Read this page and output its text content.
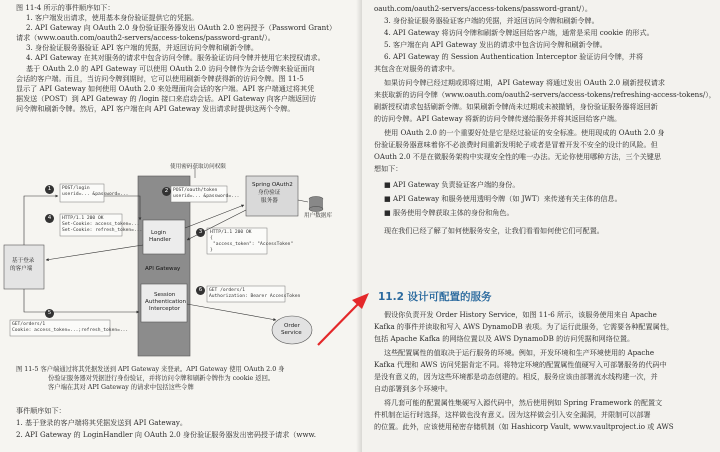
图 11-4 所示的事件顺序如下：
1. 客户端发出请求，使用基本身份验证提供它的凭据。
2. API Gateway 向 OAuth 2.0 身份验证服务器发出 OAuth 2.0 密码授予（Password Grant）
请求（www.oauth.com/oauth2-servers/access-tokens/password-grant/）。
3. 身份验证服务器验证 API 客户端的凭据，并返回访问令牌和刷新令牌。
4. API Gateway 在其对服务的请求中包含访问令牌。服务验证访问令牌并使用它来授权请求。
基于 OAuth 2.0 的 API Gateway 可以使用 OAuth 2.0 访问令牌作为会话令牌来验证面向
会话的客户端。而且，当访问令牌到期时，它可以使用刷新令牌获得新的访问令牌。图 11-5
显示了 API Gateway 如何使用 OAuth 2.0 来处理面向会话的客户端。API 客户端通过将其凭
据发送（POST）到 API Gateway 的 /login 接口来启动会话。API Gateway 向客户端返回访
问令牌和刷新令牌。然后，API 客户端在向 API Gateway 发出请求时提供这两个令牌。
使用密码获取访问权限
POST/login
userid=... &password=...
POST/oauth/token
userid=... &password=...
HTTP/1.1 200 OK
Set-Cookie: access_token=...
Set-Cookie: refresh_token=...	HTTP/1.1 200 OK
{
"access_token": "AccessToken"
}
GET/orders/1
Cookie: access_token=...;refresh_token=...
GET /orders/1
Authorization: Bearer AccessToken
Login
Handler
API Gateway
Session
Authentication
Interceptor
Spring OAuth2
身份验证
服务器
用户数据库
基于登录
的客户端
Order
Service
1	2
3
4
5
6
图 11-5 客户端通过将其凭据发送到 API Gateway 来登录。API Gateway 使用 OAuth 2.0 身
份验证服务器对凭据进行身份验证，并将访问令牌和刷新令牌作为 cookie 返回。
客户端在其对 API Gateway 的请求中包括这些令牌
事件顺序如下：
1. 基于登录的客户端将其凭据发送到 API Gateway。
2. API Gateway 的 LoginHandler 向 OAuth 2.0 身份验证服务器发出密码授予请求（www.
oauth.com/oauth2-servers/access-tokens/password-grant/）。
3. 身份验证服务器验证客户端的凭据，并返回访问令牌和刷新令牌。
4. API Gateway 将访问令牌和刷新令牌返回给客户端，通常是采用 cookie 的形式。
5. 客户端在向 API Gateway 发出的请求中包含访问令牌和刷新令牌。
6. API Gateway 的 Session Authentication Interceptor 验证访问令牌，并将
其包含在对服务的请求中。
如果访问令牌已经过期或即将过期，API Gateway 将通过发出 OAuth 2.0 刷新授权请求
来获取新的访问令牌（www.oauth.com/oauth2-servers/access-tokens/refreshing-access-tokens/），
刷新授权请求包括刷新令牌。如果刷新令牌尚未过期或未被撤销，身份验证服务器将返回新
的访问令牌。API Gateway 将新的访问令牌传递给服务并将其返回给客户端。
使用 OAuth 2.0 的一个重要好处是它是经过验证的安全标准。使用现成的 OAuth 2.0 身
份验证服务器意味着你不必浪费时间重新发明轮子或者是冒着开发不安全的设计的风险。但
OAuth 2.0 不是在微服务架构中实现安全性的唯一办法。无论你使用哪种方法，三个关键思
想如下：
■ API Gateway 负责验证客户端的身份。
■ API Gateway 和服务使用透明令牌（如 JWT）来传递有关主体的信息。
■ 服务使用令牌获取主体的身份和角色。
现在我们已经了解了如何使服务安全，让我们看看如何使它们可配置。
11.2 设计可配置的服务
假设你负责开发 Order History Service，如图 11-6 所示，该服务使用来自 Apache
Kafka 的事件并读取和写入 AWS DynamoDB 表项。为了运行此服务，它需要各种配置属性，
包括 Apache Kafka 的网络位置以及 AWS DynamoDB 的访问凭据和网络位置。
这些配置属性的值取决于运行服务的环境。例如，开发环境和生产环境使用的 Apache
Kafka 代理和 AWS 访问凭据肯定不同。将特定环境的配置属性值硬写入可部署服务的代码中
是没有意义的，因为这些环境都是动态创建的。相反，服务应该由部署流水线构建一次，并
自动部署到多个环境中。
将几套可能的配置属性集硬写入源代码中，然后使用例如 Spring Framework 的配置文
件机制在运行时选择，这样做也没有意义。因为这样做会引入安全漏洞，并限制可以部署
的位置。此外，应该使用秘密存储机制（如 Hashicorp Vault, www.vaultproject.io 或 AWS
